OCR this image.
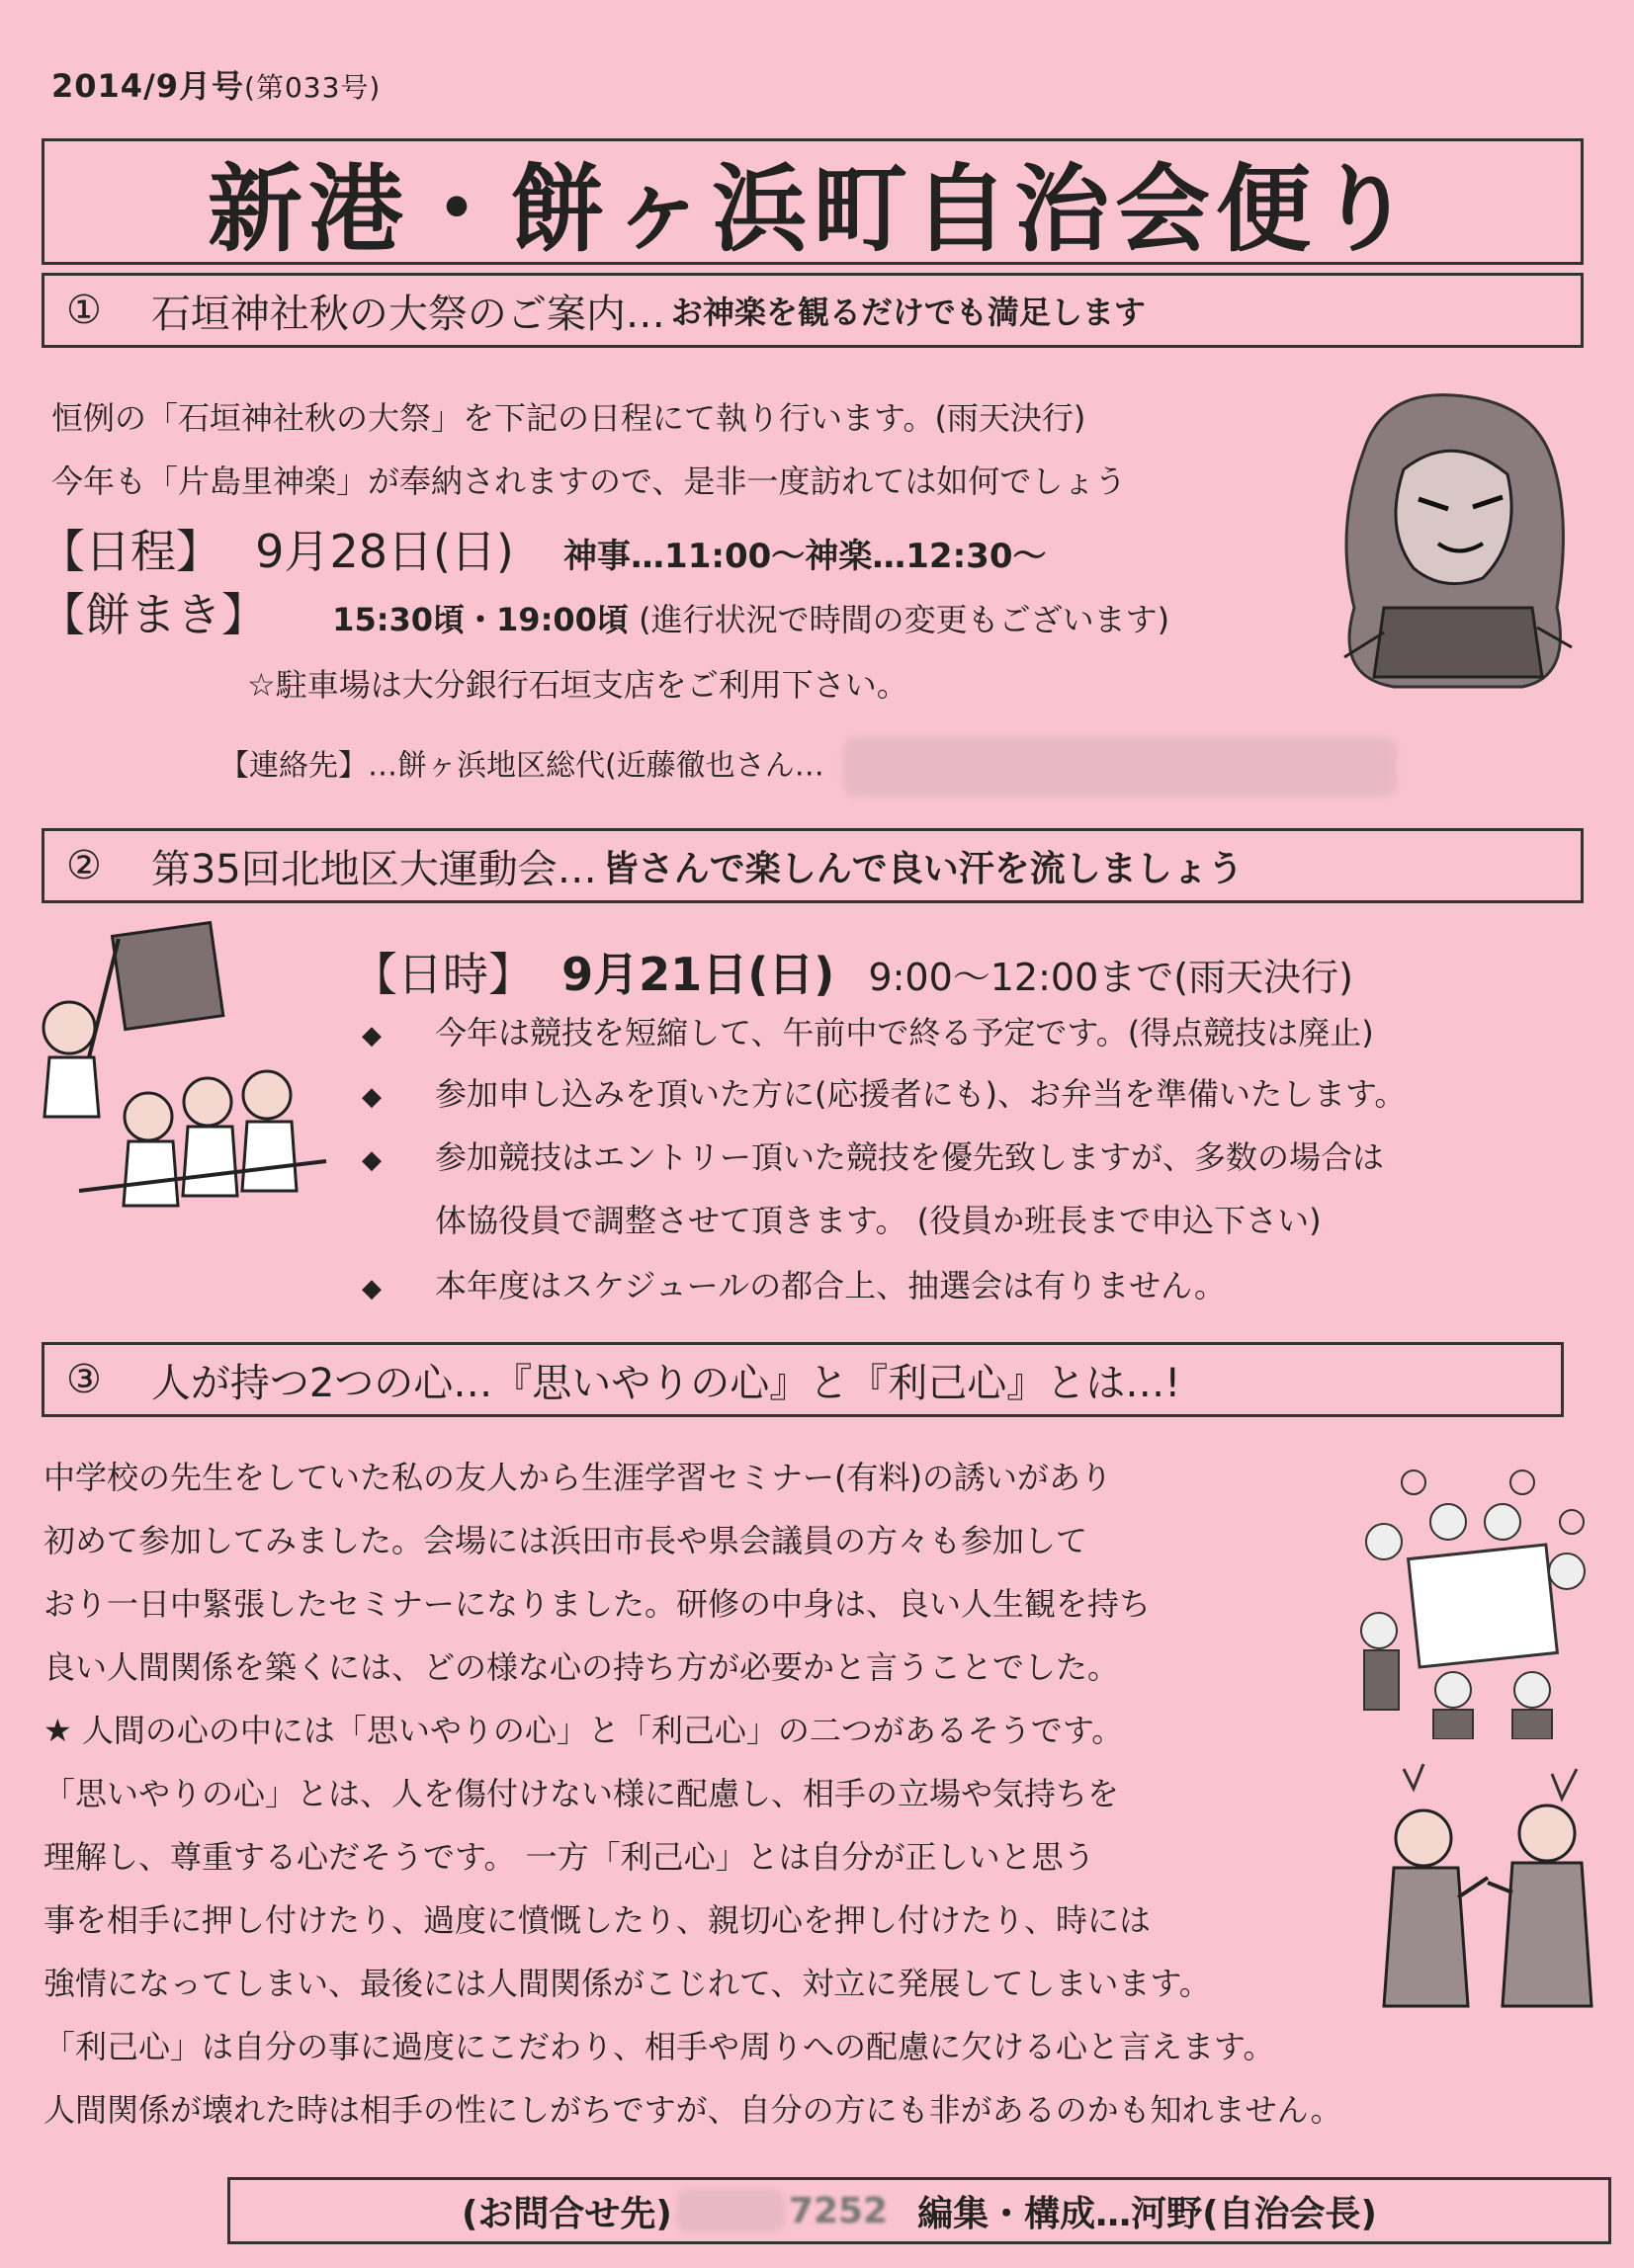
2014/9月号(第033号)
新港・餅ヶ浜町自治会便り
① 石垣神社秋の大祭のご案内… お神楽を観るだけでも満足します
恒例の「石垣神社秋の大祭」を下記の日程にて執り行います。(雨天決行)
今年も「片島里神楽」が奉納されますので、是非一度訪れては如何でしょう
【日程】 9月28日(日) 神事…11:00〜神楽…12:30〜
【餅まき】 15:30頃・19:00頃 (進行状況で時間の変更もございます)
☆駐車場は大分銀行石垣支店をご利用下さい。
【連絡先】…餅ヶ浜地区総代(近藤徹也さん…
② 第35回北地区大運動会… 皆さんで楽しんで良い汗を流しましょう
【日時】 9月21日(日) 9:00〜12:00まで(雨天決行)
◆ 今年は競技を短縮して、午前中で終る予定です。(得点競技は廃止)
◆ 参加申し込みを頂いた方に(応援者にも)、お弁当を準備いたします。
◆ 参加競技はエントリー頂いた競技を優先致しますが、多数の場合は
体協役員で調整させて頂きます。 (役員か班長まで申込下さい)
◆ 本年度はスケジュールの都合上、抽選会は有りません。
③ 人が持つ2つの心…『思いやりの心』と『利己心』とは…!
中学校の先生をしていた私の友人から生涯学習セミナー(有料)の誘いがあり
初めて参加してみました。会場には浜田市長や県会議員の方々も参加して
おり一日中緊張したセミナーになりました。研修の中身は、良い人生観を持ち
良い人間関係を築くには、どの様な心の持ち方が必要かと言うことでした。
★ 人間の心の中には「思いやりの心」と「利己心」の二つがあるそうです。
「思いやりの心」とは、人を傷付けない様に配慮し、相手の立場や気持ちを
理解し、尊重する心だそうです。 一方「利己心」とは自分が正しいと思う
事を相手に押し付けたり、過度に憤慨したり、親切心を押し付けたり、時には
強情になってしまい、最後には人間関係がこじれて、対立に発展してしまいます。
「利己心」は自分の事に過度にこだわり、相手や周りへの配慮に欠ける心と言えます。
人間関係が壊れた時は相手の性にしがちですが、自分の方にも非があるのかも知れません。
(お問合せ先)	7252 編集・構成…河野(自治会長)
